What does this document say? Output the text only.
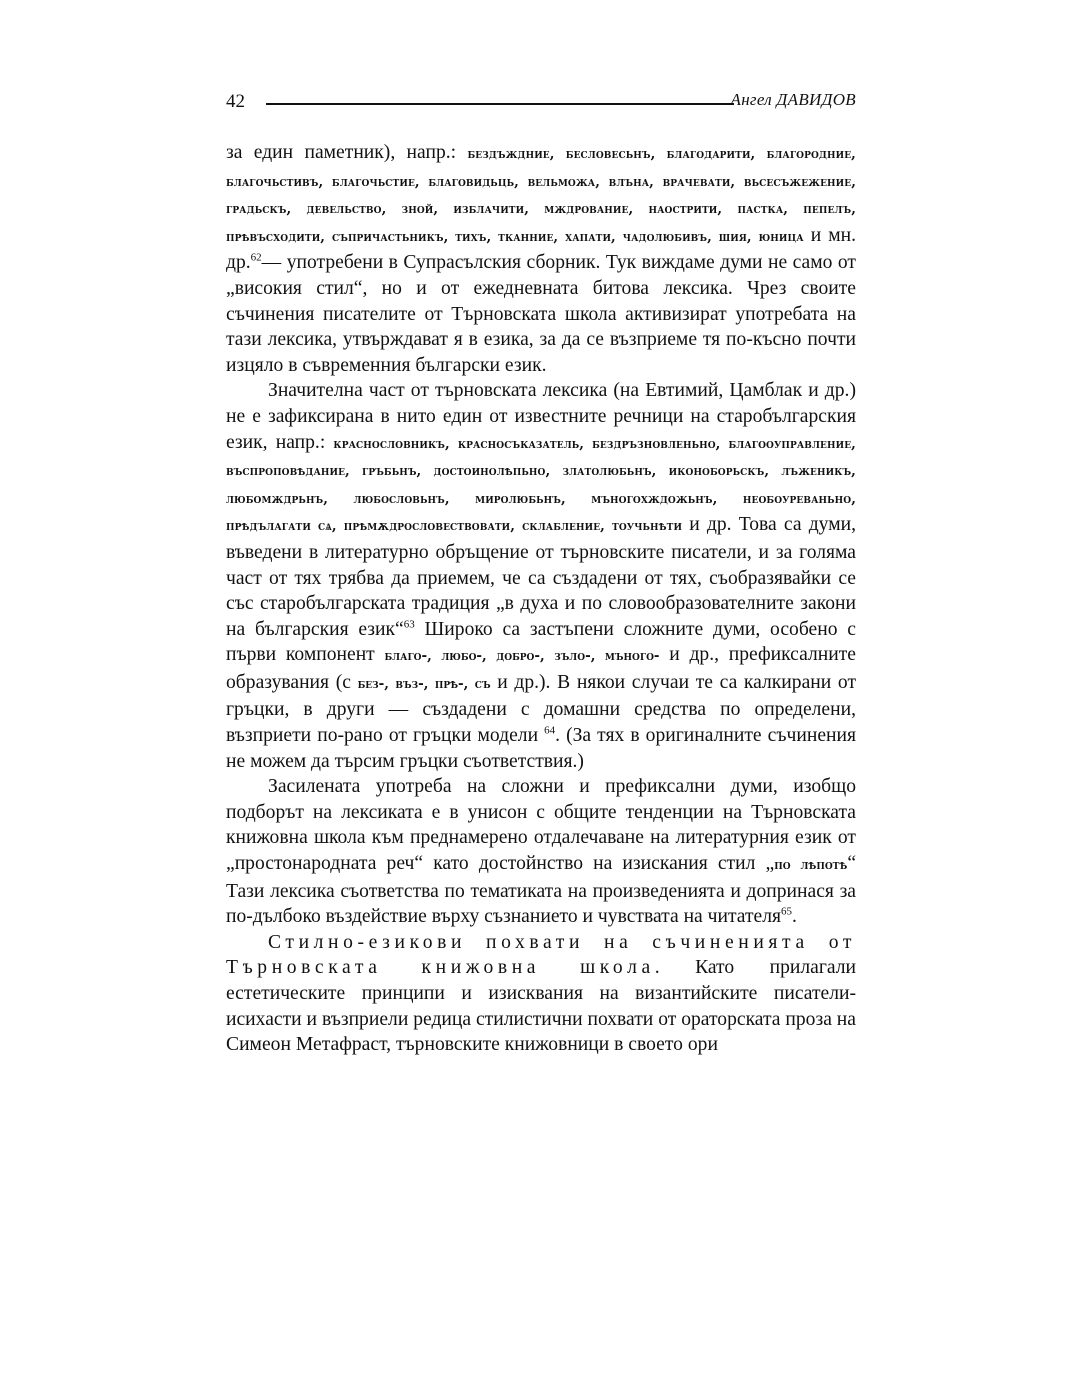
42	Ангел ДАВИДОВ

за един паметник), напр.: бездъждние, бесловесьнъ, благодарити, благородние, благочьстивъ, благочьстие, благовидьць, вельможа, влъна, врачевати, вьсесъжежение, градьскъ, девельство, зной, изблачити, мждрование, наострити, пастка, пепелъ, прѣвъсходити, съпричастьникъ, тихъ, тканние, хапати, чадолюбивъ, шия, юница и мн. др.$^{62}$— употребени в Супрасълския сборник. Тук виждаме думи не само от „високия стил“, но и от ежедневната битова лексика. Чрез своите съчинения писателите от Търновската школа активизират употребата на тази лексика, утвърждават я в езика, за да се възприеме тя по-късно почти изцяло в съвременния български език.

Значителна част от търновската лексика (на Евтимий, Цамблак и др.) не е зафиксирана в нито един от известните речници на старобългарския език, напр.: краснословникъ, красносъказатель, бездръзновленьно, благооуправление, въспроповѣдание, гръбьнъ, достоинолѣпьно, златолюбьнъ, иконоборьскъ, лъженикъ, любомждрьнъ, любословьнъ, миролюбьнъ, мъногохждожьнъ, необоуреваньно, прѣдълагати сѧ, прѣмѫдрословествовати, склабление, тоучьнѣти и др. Това са думи, въведени в литературно обръщение от търновските писатели, и за голяма част от тях трябва да приемем, че са създадени от тях, съобразявайки се със старобългарската традиция „в духа и по словообразователните закони на българския език“$^{63}$ Широко са застъпени сложните думи, особено с първи компонент благо-, любо-, добро-, зъло-, мъного- и др., префиксалните образувания (с без-, въз-, прѣ-, съ и др.). В някои случаи те са калкирани от гръцки, в други — създадени с домашни средства по определени, възприети по-рано от гръцки модели $^{64}$. (За тях в оригиналните съчинения не можем да търсим гръцки съответствия.)

Засилената употреба на сложни и префиксални думи, изобщо подборът на лексиката е в унисон с общите тенденции на Търновската книжовна школа към преднамерено отдалечаване на литературния език от „простонародната реч“ като достойнство на изискания стил „по лѣпотѣ“ Тази лексика съответства по тематиката на произведенията и допринася за по-дълбоко въздействие върху съзнанието и чувствата на читателя$^{65}$.

Стилно-езикови похвати на съчиненията от Търновската книжовна школа. Като прилагали естетическите принципи и изисквания на византийските писатели-исихасти и възприели редица стилистични похвати от ораторската проза на Симеон Метафраст, търновските книжовници в своето ори
